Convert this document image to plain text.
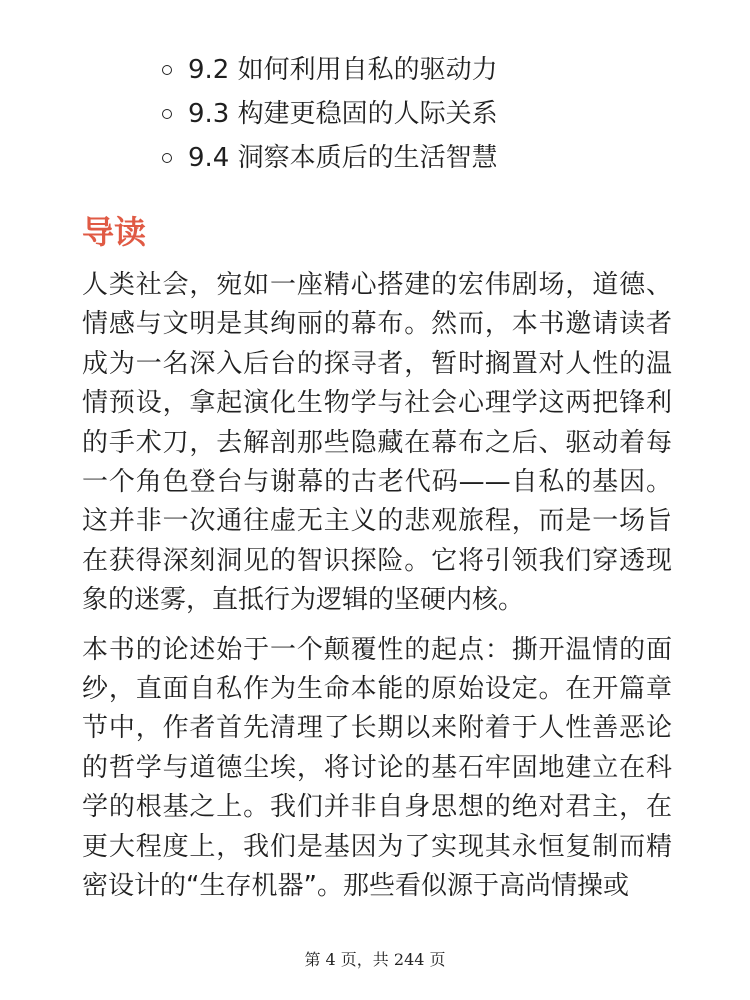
9.2 如何利用自私的驱动力
9.3 构建更稳固的人际关系
9.4 洞察本质后的生活智慧
导读

人类社会，宛如一座精心搭建的宏伟剧场，道德、情感与文明是其绚丽的幕布。然而，本书邀请读者成为一名深入后台的探寻者，暂时搁置对人性的温情预设，拿起演化生物学与社会心理学这两把锋利的手术刀，去解剖那些隐藏在幕布之后、驱动着每一个角色登台与谢幕的古老代码——自私的基因。这并非一次通往虚无主义的悲观旅程，而是一场旨在获得深刻洞见的智识探险。它将引领我们穿透现象的迷雾，直抵行为逻辑的坚硬内核。

本书的论述始于一个颠覆性的起点：撕开温情的面纱，直面自私作为生命本能的原始设定。在开篇章节中，作者首先清理了长期以来附着于人性善恶论的哲学与道德尘埃，将讨论的基石牢固地建立在科学的根基之上。我们并非自身思想的绝对君主，在更大程度上，我们是基因为了实现其永恒复制而精密设计的“生存机器”。那些看似源于高尚情操或

第 4 页，共 244 页
